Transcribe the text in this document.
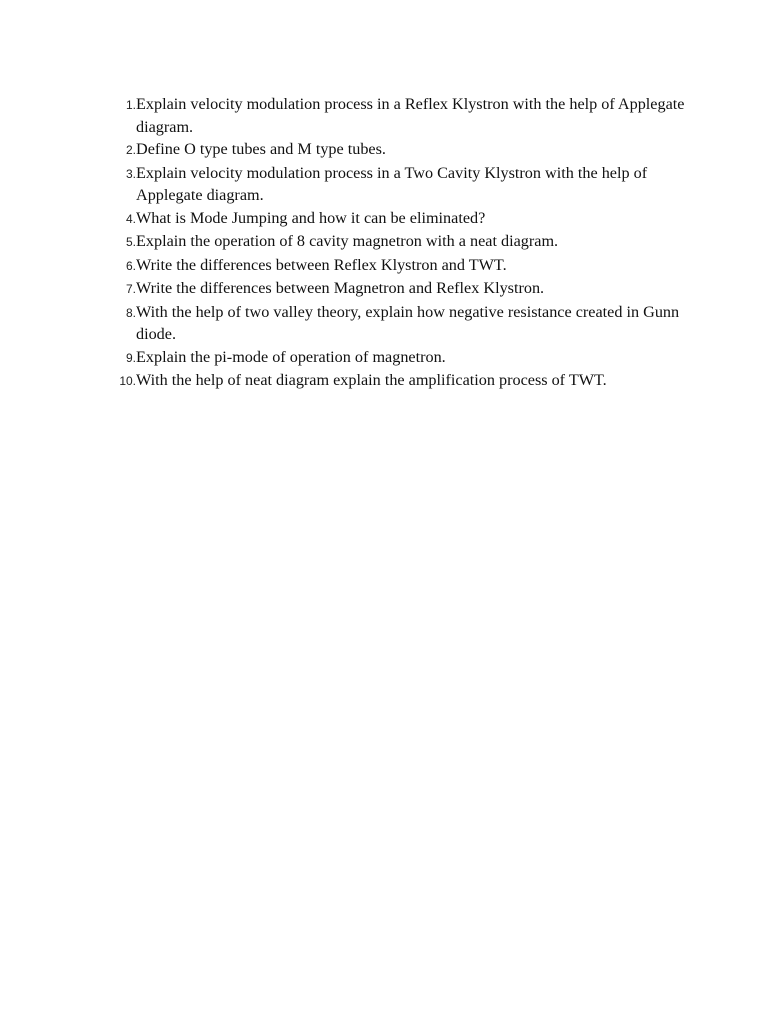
1. Explain velocity modulation process in a Reflex Klystron with the help of Applegate diagram.
2. Define O type tubes and M type tubes.
3. Explain velocity modulation process in a Two Cavity Klystron with the help of Applegate diagram.
4. What is Mode Jumping and how it can be eliminated?
5. Explain the operation of 8 cavity magnetron with a neat diagram.
6. Write the differences between Reflex Klystron and TWT.
7. Write the differences between Magnetron and Reflex Klystron.
8. With the help of two valley theory, explain how negative resistance created in Gunn diode.
9. Explain the pi-mode of operation of magnetron.
10. With the help of neat diagram explain the amplification process of TWT.
